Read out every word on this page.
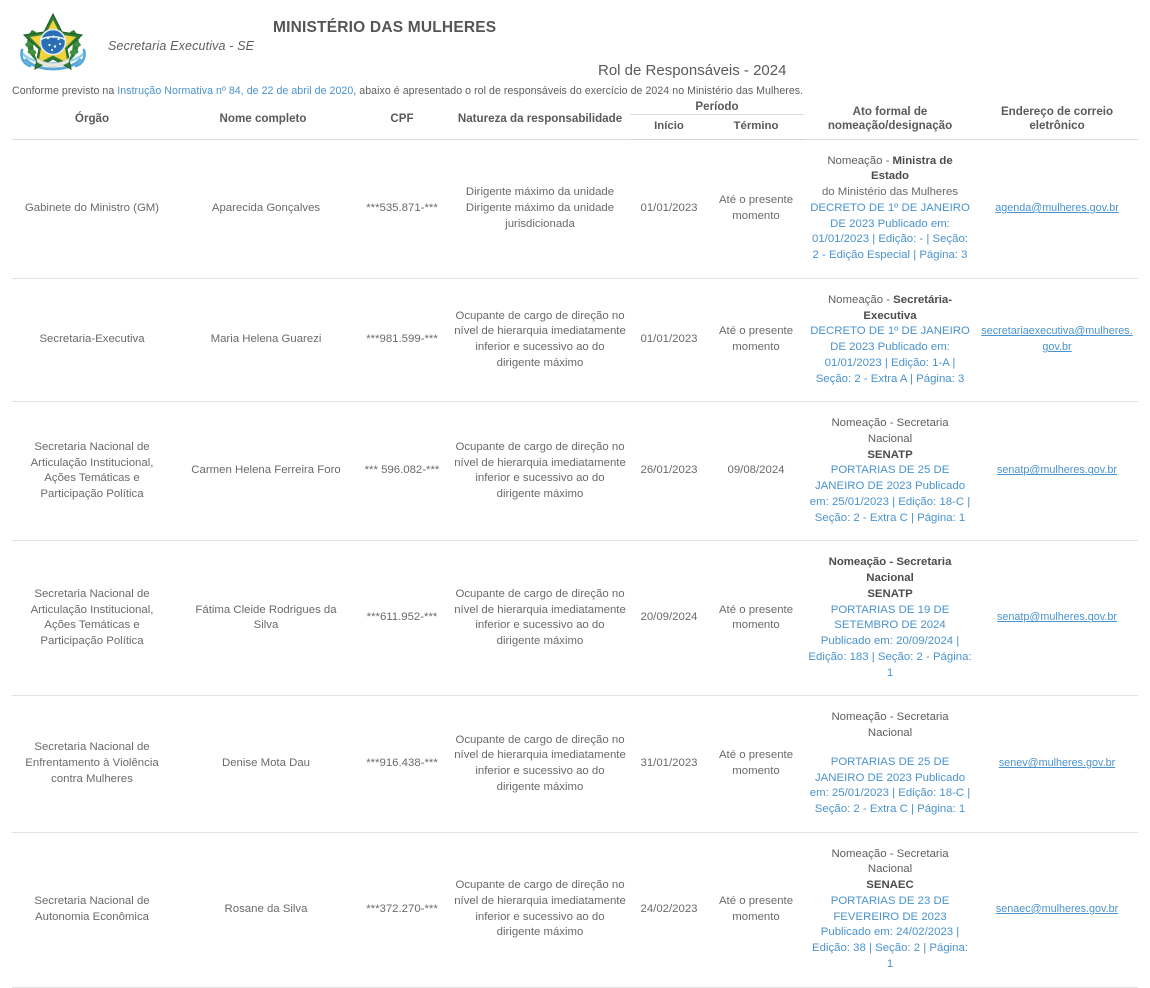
Secretaria Executiva - SE
MINISTÉRIO DAS MULHERES
Rol de Responsáveis - 2024
Conforme previsto na Instrução Normativa nº 84, de 22 de abril de 2020, abaixo é apresentado o rol de responsáveis do exercício de 2024 no Ministério das Mulheres.
Órgão	Nome completo	CPF	Natureza da responsabilidade	Período		Ato formal de nomeação/designação	Endereço de correio eletrônico
				Início	Término		
Gabinete do Ministro (GM)	Aparecida Gonçalves	***535.871-***	Dirigente máximo da unidade Dirigente máximo da unidade jurisdicionada	01/01/2023	Até o presente momento	Nomeação - Ministra de Estado
do Ministério das Mulheres
DECRETO DE 1º DE JANEIRO DE 2023 Publicado em: 01/01/2023 | Edição: - | Seção: 2 - Edição Especial | Página: 3	agenda@mulheres.gov.br
Secretaria-Executiva	Maria Helena Guarezi	***981.599-***	Ocupante de cargo de direção no nível de hierarquia imediatamente inferior e sucessivo ao do dirigente máximo	01/01/2023	Até o presente momento	Nomeação - Secretária-Executiva
DECRETO DE 1º DE JANEIRO DE 2023 Publicado em: 01/01/2023 | Edição: 1-A | Seção: 2 - Extra A | Página: 3	secretariaexecutiva@mulheres.gov.br
Secretaria Nacional de Articulação Institucional, Ações Temáticas e Participação Política	Carmen Helena Ferreira Foro	*** 596.082-***	Ocupante de cargo de direção no nível de hierarquia imediatamente inferior e sucessivo ao do dirigente máximo	26/01/2023	09/08/2024	Nomeação - Secretaria Nacional
SENATP
PORTARIAS DE 25 DE JANEIRO DE 2023 Publicado em: 25/01/2023 | Edição: 18-C | Seção: 2 - Extra C | Página: 1	senatp@mulheres.gov.br
Secretaria Nacional de Articulação Institucional, Ações Temáticas e Participação Política	Fátima Cleide Rodrigues da Silva	***611.952-***	Ocupante de cargo de direção no nível de hierarquia imediatamente inferior e sucessivo ao do dirigente máximo	20/09/2024	Até o presente momento	Nomeação - Secretaria Nacional
SENATP
PORTARIAS DE 19 DE SETEMBRO DE 2024 Publicado em: 20/09/2024 | Edição: 183 | Seção: 2 - Página: 1	senatp@mulheres.gov.br
Secretaria Nacional de Enfrentamento à Violência contra Mulheres	Denise Mota Dau	***916.438-***	Ocupante de cargo de direção no nível de hierarquia imediatamente inferior e sucessivo ao do dirigente máximo	31/01/2023	Até o presente momento	Nomeação - Secretaria Nacional
PORTARIAS DE 25 DE JANEIRO DE 2023 Publicado em: 25/01/2023 | Edição: 18-C | Seção: 2 - Extra C | Página: 1	senev@mulheres.gov.br
Secretaria Nacional de Autonomia Econômica	Rosane da Silva	***372.270-***	Ocupante de cargo de direção no nível de hierarquia imediatamente inferior e sucessivo ao do dirigente máximo	24/02/2023	Até o presente momento	Nomeação - Secretaria Nacional
SENAEC
PORTARIAS DE 23 DE FEVEREIRO DE 2023 Publicado em: 24/02/2023 | Edição: 38 | Seção: 2 | Página: 1	senaec@mulheres.gov.br
